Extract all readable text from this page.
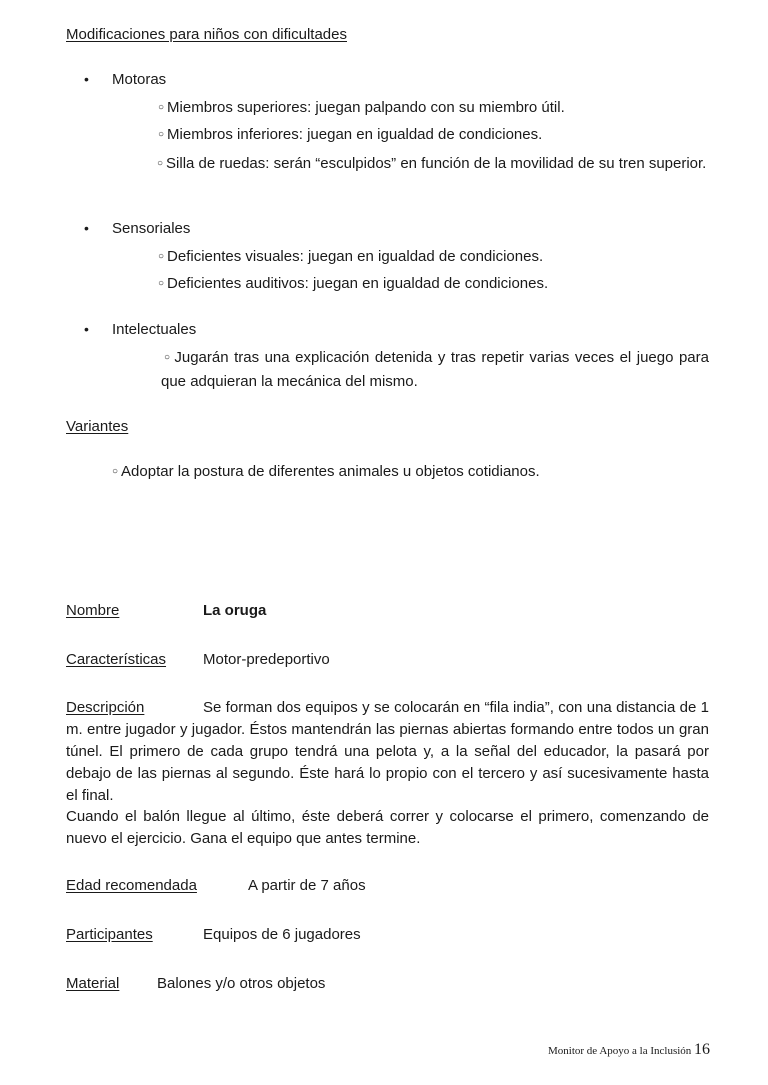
Modificaciones para niños con dificultades
• Motoras
○ Miembros superiores: juegan palpando con su miembro útil.
○ Miembros inferiores: juegan en igualdad de condiciones.
○ Silla de ruedas: serán “esculpidos” en función de la movilidad de su tren superior.
• Sensoriales
○ Deficientes visuales: juegan en igualdad de condiciones.
○ Deficientes auditivos: juegan en igualdad de condiciones.
• Intelectuales
○ Jugarán tras una explicación detenida y tras repetir varias veces el juego para que adquieran la mecánica del mismo.
Variantes
○ Adoptar la postura de diferentes animales u objetos cotidianos.
Nombre	La oruga
Características Motor-predeportivo
Descripción	Se forman dos equipos y se colocarán en “fila india”, con una distancia de 1 m. entre jugador y jugador. Éstos mantendrán las piernas abiertas formando entre todos un gran túnel. El primero de cada grupo tendrá una pelota y, a la señal del educador, la pasará por debajo de las piernas al segundo. Éste hará lo propio con el tercero y así sucesivamente hasta el final.
Cuando el balón llegue al último, éste deberá correr y colocarse el primero, comenzando de nuevo el ejercicio. Gana el equipo que antes termine.
Edad recomendada	A partir de 7 años
Participantes	Equipos de 6 jugadores
Material	Balones y/o otros objetos
Monitor de Apoyo a la Inclusión 16
